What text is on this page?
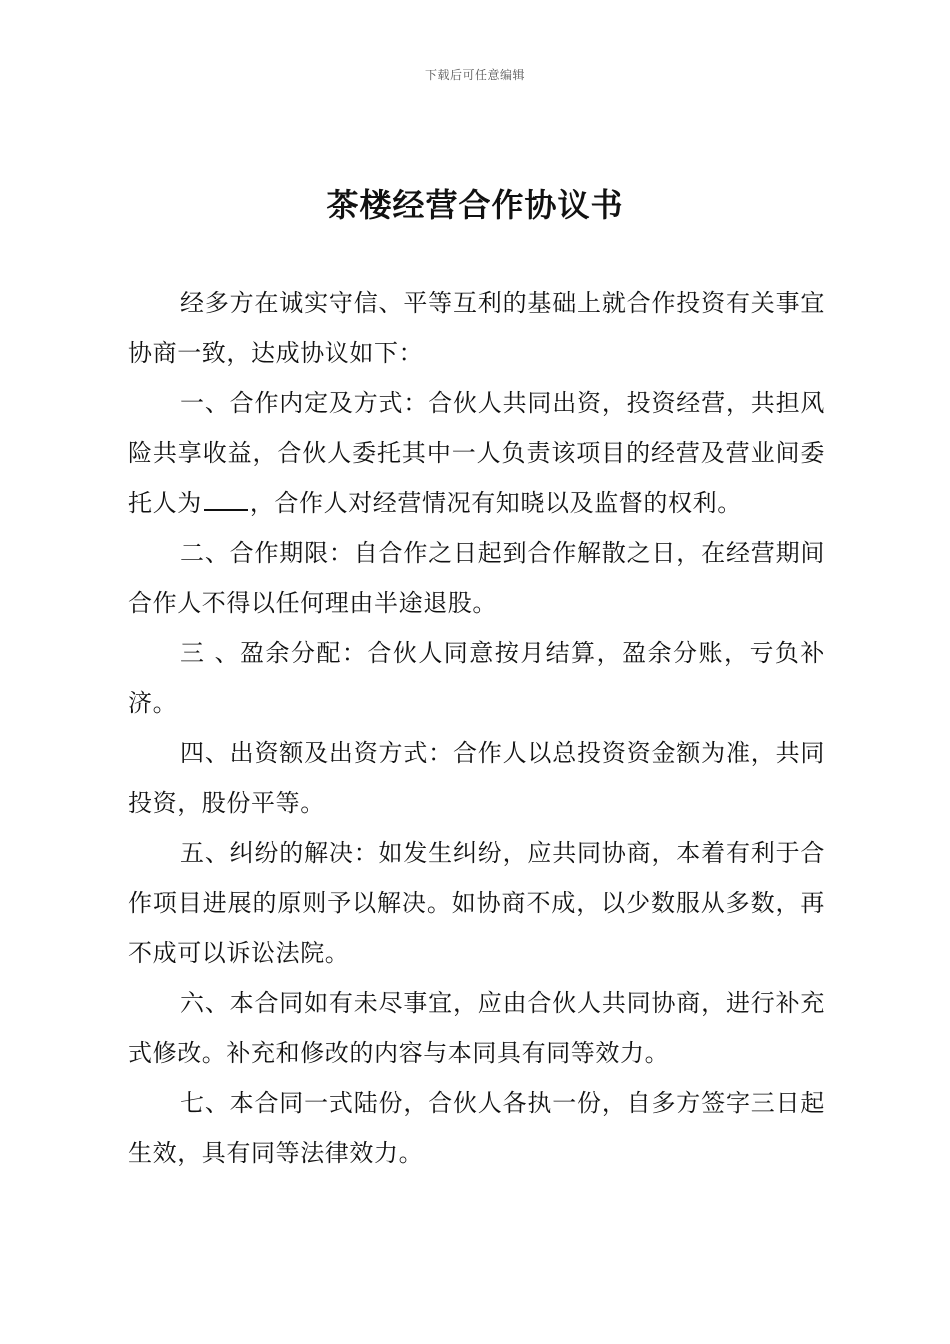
下载后可任意编辑
茶楼经营合作协议书

经多方在诚实守信、平等互利的基础上就合作投资有关事宜协商一致，达成协议如下：

一、合作内定及方式：合伙人共同出资，投资经营，共担风险共享收益，合伙人委托其中一人负责该项目的经营及营业间委托人为 ，合作人对经营情况有知晓以及监督的权利。

二、合作期限：自合作之日起到合作解散之日，在经营期间合作人不得以任何理由半途退股。

三 、盈余分配：合伙人同意按月结算，盈余分账，亏负补济。

四、出资额及出资方式：合作人以总投资资金额为准，共同投资，股份平等。

五、纠纷的解决：如发生纠纷，应共同协商，本着有利于合作项目进展的原则予以解决。如协商不成，以少数服从多数，再不成可以诉讼法院。

六、本合同如有未尽事宜，应由合伙人共同协商，进行补充式修改。补充和修改的内容与本同具有同等效力。

七、本合同一式陆份，合伙人各执一份，自多方签字三日起生效，具有同等法律效力。
